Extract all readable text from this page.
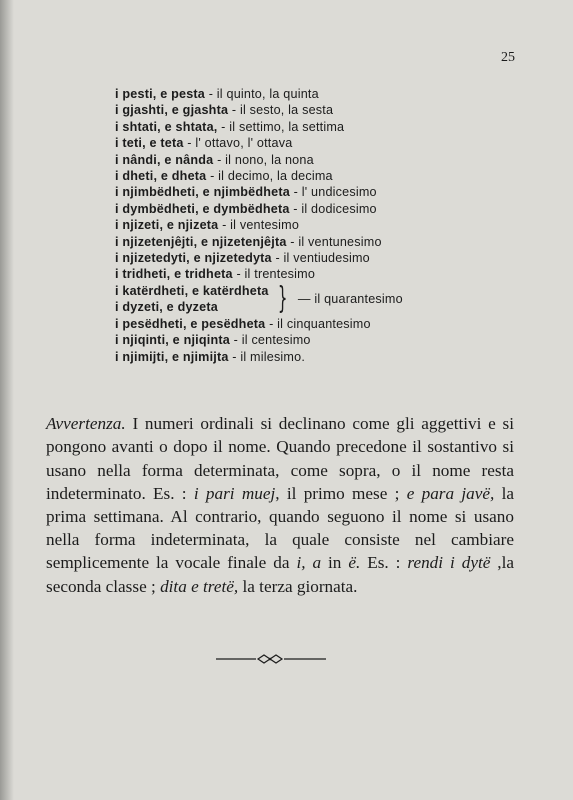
25
i pesti, e pesta - il quinto, la quinta
i gjashti, e gjashta - il sesto, la sesta
i shtati, e shtata, - il settimo, la settima
i teti, e teta - l' ottavo, l' ottava
i nândi, e nânda - il nono, la nona
i dheti, e dheta - il decimo, la decima
i njimbëdheti, e njimbëdheta - l' undicesimo
i dymbëdheti, e dymbëdheta - il dodicesimo
i njizeti, e njizeta - il ventesimo
i njizetenjêjti, e njizetenjêjta - il ventunesimo
i njizetedyti, e njizetedyta - il ventiudesimo
i tridheti, e tridheta - il trentesimo
i katërdheti, e katërdheta
i dyzeti, e dyzeta	} — il quarantesimo
i pesëdheti, e pesëdheta - il cinquantesimo
i njiqinti, e njiqinta - il centesimo
i njimijti, e njimijta - il milesimo.

Avvertenza. I numeri ordinali si declinano come gli aggettivi e si pongono avanti o dopo il nome. Quando precedone il sostantivo si usano nella forma determinata, come sopra, o il nome resta indeterminato. Es. : i pari muej, il primo mese ; e para javë, la prima settimana. Al contrario, quando seguono il nome si usano nella forma indeterminata, la quale consiste nel cambiare semplicemente la vocale finale da i, a in ë. Es. : rendi i dytë ,la seconda classe ; dita e tretë, la terza giornata.
